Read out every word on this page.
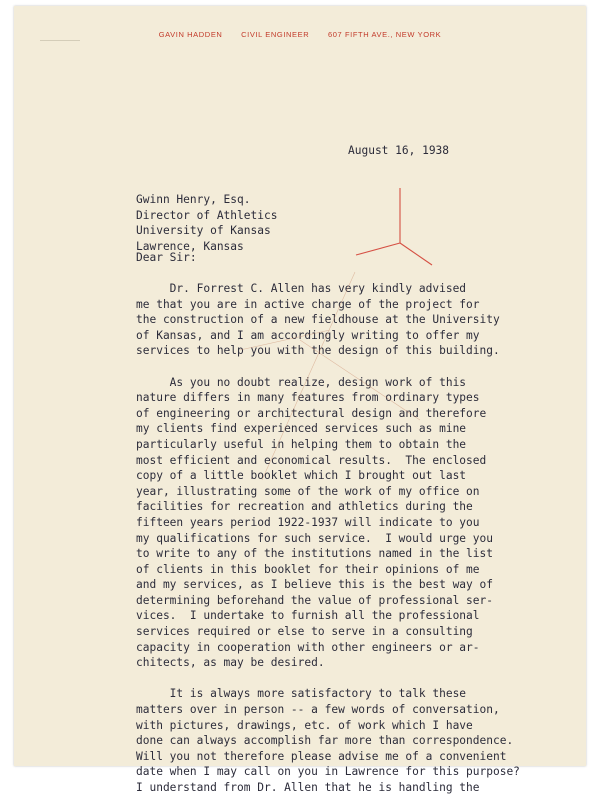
GAVIN HADDEN CIVIL ENGINEER 607 FIFTH AVE., NEW YORK
August 16, 1938
Gwinn Henry, Esq.
Director of Athletics
University of Kansas
Lawrence, Kansas
Dear Sir:
Dr. Forrest C. Allen has very kindly advised
me that you are in active charge of the project for
the construction of a new fieldhouse at the University
of Kansas, and I am accordingly writing to offer my
services to help you with the design of this building.
As you no doubt realize, design work of this
nature differs in many features from ordinary types
of engineering or architectural design and therefore
my clients find experienced services such as mine
particularly useful in helping them to obtain the
most efficient and economical results.  The enclosed
copy of a little booklet which I brought out last
year, illustrating some of the work of my office on
facilities for recreation and athletics during the
fifteen years period 1922-1937 will indicate to you
my qualifications for such service.  I would urge you
to write to any of the institutions named in the list
of clients in this booklet for their opinions of me
and my services, as I believe this is the best way of
determining beforehand the value of professional ser-
vices.  I undertake to furnish all the professional
services required or else to serve in a consulting
capacity in cooperation with other engineers or ar-
chitects, as may be desired.
It is always more satisfactory to talk these
matters over in person -- a few words of conversation,
with pictures, drawings, etc. of work which I have
done can always accomplish far more than correspondence.
Will you not therefore please advise me of a convenient
date when I may call on you in Lawrence for this purpose?
I understand from Dr. Allen that he is handling the
